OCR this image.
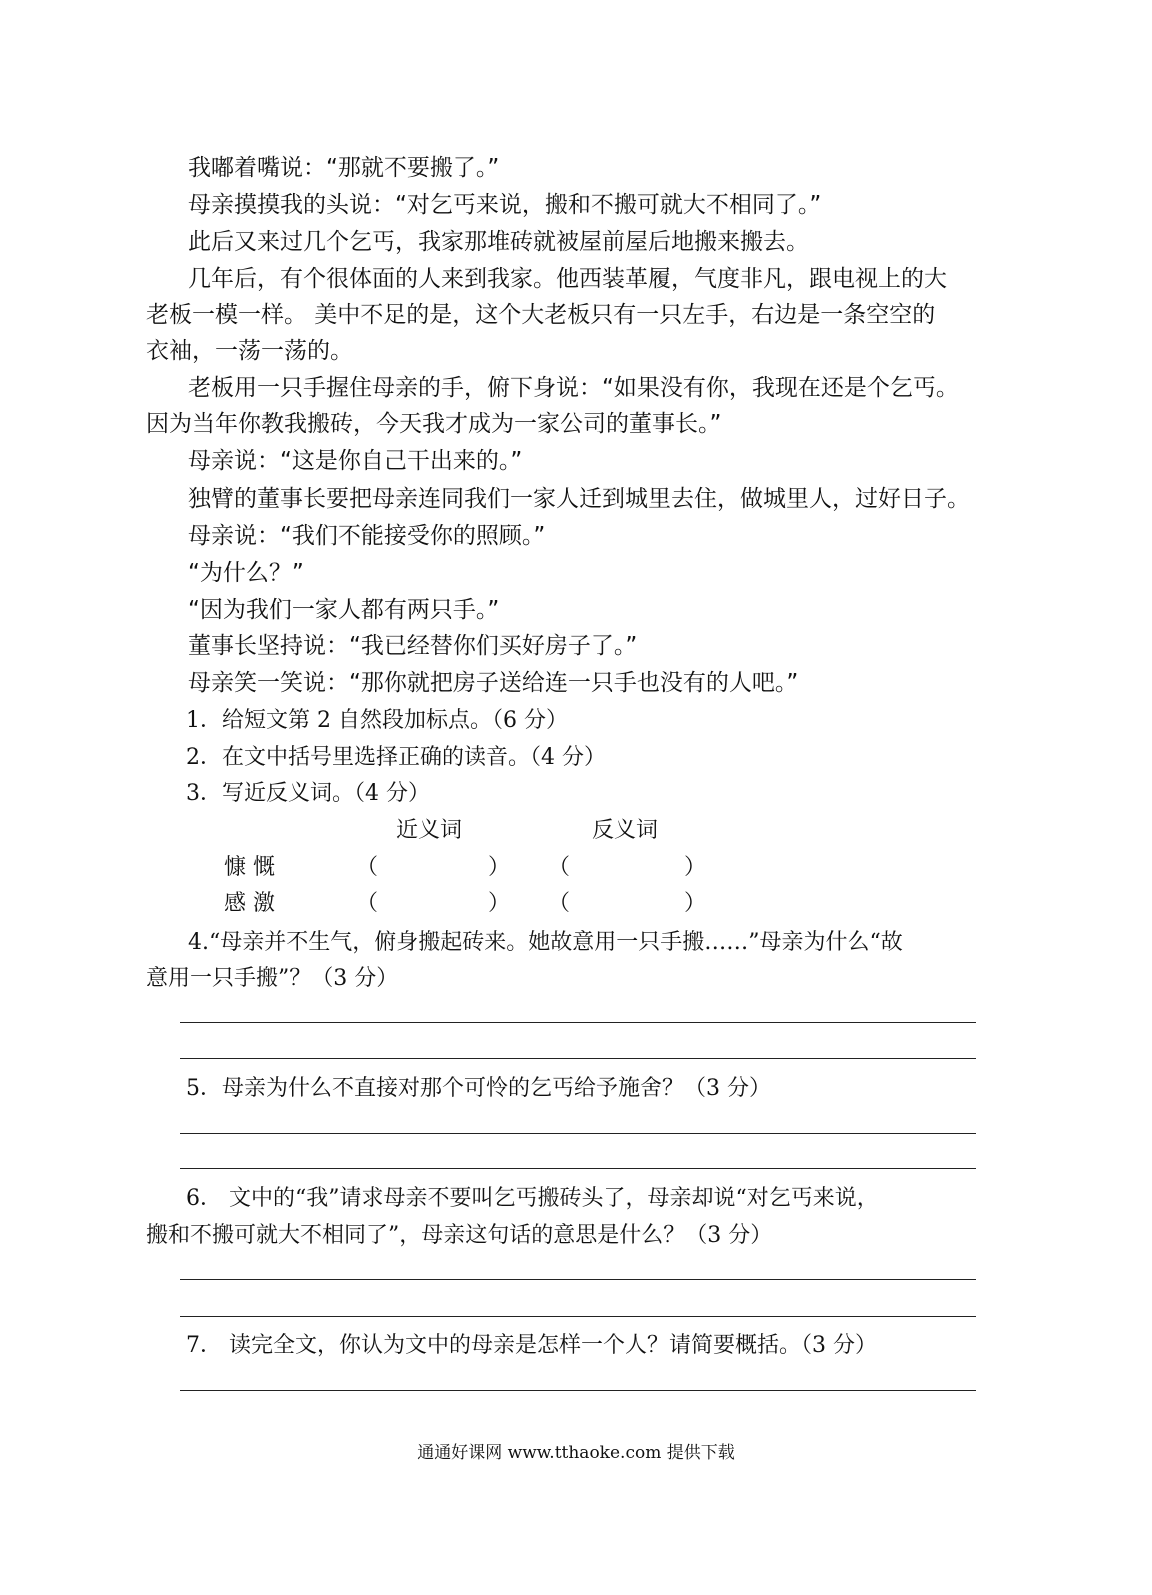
我嘟着嘴说：“那就不要搬了。”
母亲摸摸我的头说：“对乞丐来说，搬和不搬可就大不相同了。”
此后又来过几个乞丐，我家那堆砖就被屋前屋后地搬来搬去。
几年后，有个很体面的人来到我家。他西装革履，气度非凡，跟电视上的大
老板一模一样。 美中不足的是，这个大老板只有一只左手，右边是一条空空的
衣袖，一荡一荡的。
老板用一只手握住母亲的手，俯下身说：“如果没有你，我现在还是个乞丐。
因为当年你教我搬砖，今天我才成为一家公司的董事长。”
母亲说：“这是你自己干出来的。”
独臂的董事长要把母亲连同我们一家人迁到城里去住，做城里人，过好日子。
母亲说：“我们不能接受你的照顾。”
“为什么？”
“因为我们一家人都有两只手。”
董事长坚持说：“我已经替你们买好房子了。”
母亲笑一笑说：“那你就把房子送给连一只手也没有的人吧。”
1．给短文第 2 自然段加标点。（6 分）
2．在文中括号里选择正确的读音。（4 分）
3．写近反义词。（4 分）
近义词	反义词
慷 慨	（	） （	）
感 激	（	） （	）
4.“母亲并不生气，俯身搬起砖来。她故意用一只手搬……”母亲为什么“故
意用一只手搬”？（3 分）
5．母亲为什么不直接对那个可怜的乞丐给予施舍？（3 分）
6． 文中的“我”请求母亲不要叫乞丐搬砖头了，母亲却说“对乞丐来说，
搬和不搬可就大不相同了”，母亲这句话的意思是什么？（3 分）
7． 读完全文，你认为文中的母亲是怎样一个人？请简要概括。（3 分）
通通好课网 www.tthaoke.com 提供下载
